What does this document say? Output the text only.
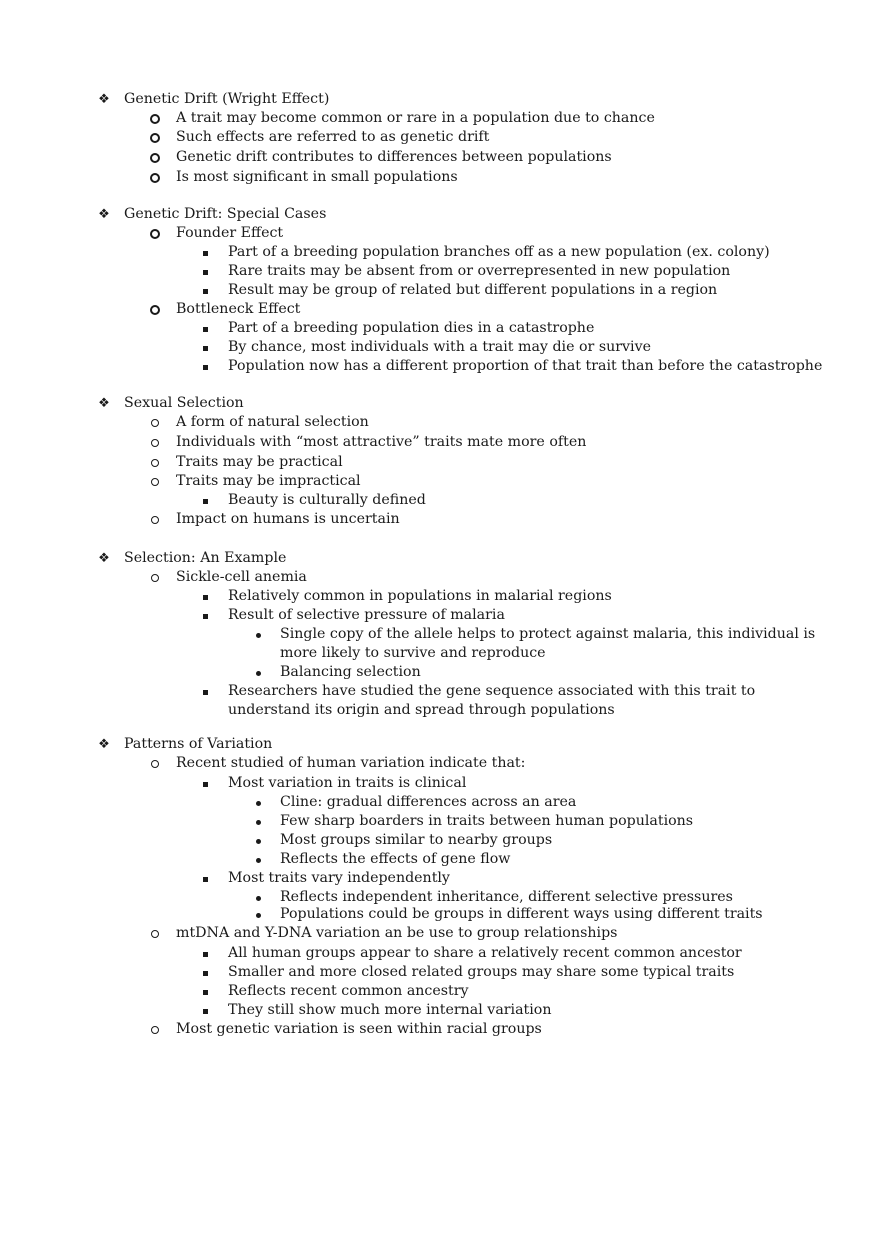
❖ Genetic Drift (Wright Effect)
A trait may become common or rare in a population due to chance
Such effects are referred to as genetic drift
Genetic drift contributes to differences between populations
Is most significant in small populations
❖ Genetic Drift: Special Cases
Founder Effect
Part of a breeding population branches off as a new population (ex. colony)
Rare traits may be absent from or overrepresented in new population
Result may be group of related but different populations in a region
Bottleneck Effect
Part of a breeding population dies in a catastrophe
By chance, most individuals with a trait may die or survive
Population now has a different proportion of that trait than before the catastrophe
❖ Sexual Selection
A form of natural selection
Individuals with “most attractive” traits mate more often
Traits may be practical
Traits may be impractical
Beauty is culturally defined
Impact on humans is uncertain
❖ Selection: An Example
Sickle-cell anemia
Relatively common in populations in malarial regions
Result of selective pressure of malaria
Single copy of the allele helps to protect against malaria, this individual is more likely to survive and reproduce
Balancing selection
Researchers have studied the gene sequence associated with this trait to understand its origin and spread through populations
❖ Patterns of Variation
Recent studied of human variation indicate that:
Most variation in traits is clinical
Cline: gradual differences across an area
Few sharp boarders in traits between human populations
Most groups similar to nearby groups
Reflects the effects of gene flow
Most traits vary independently
Reflects independent inheritance, different selective pressures
Populations could be groups in different ways using different traits
mtDNA and Y-DNA variation an be use to group relationships
All human groups appear to share a relatively recent common ancestor
Smaller and more closed related groups may share some typical traits
Reflects recent common ancestry
They still show much more internal variation
Most genetic variation is seen within racial groups
